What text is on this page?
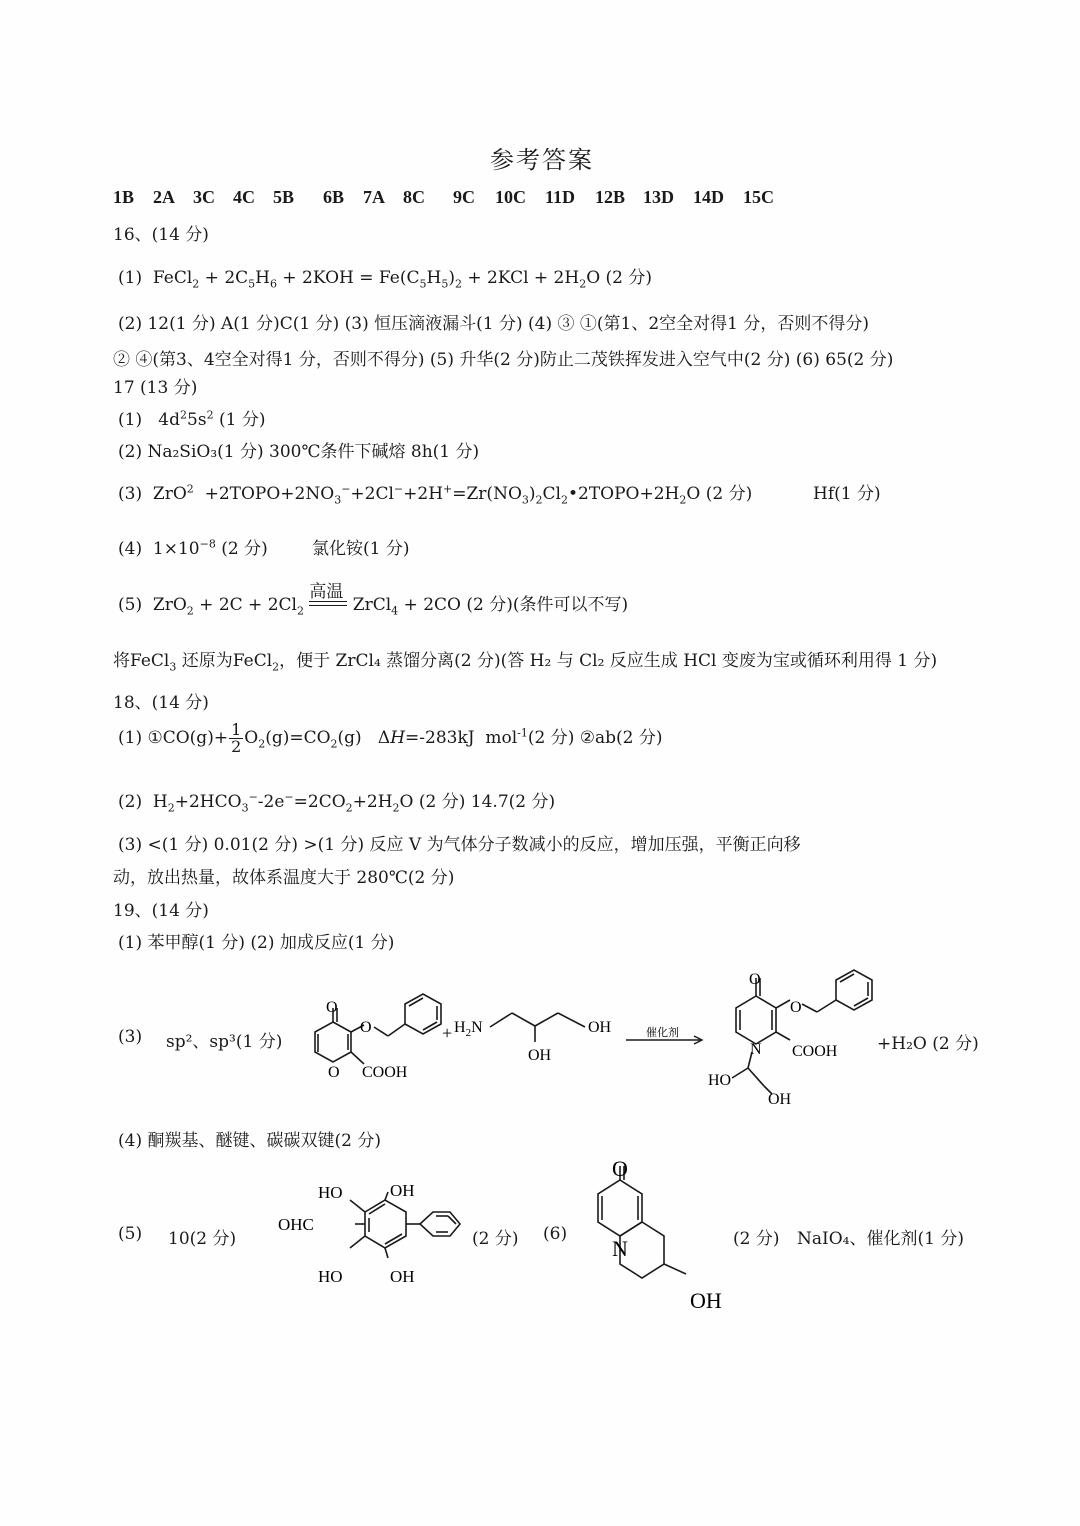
参考答案
1B 2A 3C 4C 5B 6B 7A 8C 9C 10C 11D 12B 13D 14D 15C
16、(14 分)
(1)  FeCl$_2$ + $2C_5H_6 + 2KOH = Fe(C_5H_5)_2 + 2KCl + 2H_2O$ (2 分)
(2) 12(1 分) A(1 分)C(1 分) (3) 恒压滴液漏斗(1 分) (4) ③ ①(第1、2空全对得1 分，否则不得分)
② ④(第3、4空全对得1 分，否则不得分) (5) 升华(2 分)防止二茂铁挥发进入空气中(2 分) (6) 65(2 分)
17 (13 分)
(1)   $4d^25s^2$ (1 分)
(2) Na₂SiO₃(1 分) 300℃条件下碱熔 8h(1 分)
(3)  $ZrO^2 +2TOPO+2NO_3^-+2Cl^-+2H^+=Zr(NO_3)_2Cl_2•2TOPO+2H_2O$ (2 分)	Hf(1 分)
(4)  $1\times 10^{-8}$ (2 分)	氯化铵(1 分)
(5)  $ZrO_2 + 2C + 2Cl_2$
高温
ZrCl$_4$ + 2CO (2 分)(条件可以不写)
将FeCl$_3$ 还原为FeCl$_2$，便于 ZrCl₄ 蒸馏分离(2 分)(答 H₂ 与 Cl₂ 反应生成 HCl 变废为宝或循环利用得 1 分)
18、(14 分)
(1) ①CO(g)+ $\frac{1}{2} O_2(g)=CO_2(g)$   ΔH=-283kJ  mol$^{-1}$(2 分) ②ab(2 分)
(2)  $H_2+2HCO_3^--2e^-=2CO_2+2H_2O$ (2 分) 14.7(2 分)
(3) <(1 分) 0.01(2 分) >(1 分) 反应 V 为气体分子数减小的反应，增加压强，平衡正向移
动，放出热量，故体系温度大于 280℃(2 分)
19、(14 分)
(1) 苯甲醇(1 分) (2) 加成反应(1 分)
(3) sp²、sp³(1 分)
O
O
O COOH
+ $H_2N$	OH
OH
催化剂
O
O
N COOH
HO
OH
+H₂O (2 分)
(4) 酮羰基、醚键、碳碳双键(2 分)
(5) 10(2 分)
HO	OH
OHC
HO	OH
(2 分) (6)
O
N
OH
(2 分) NaIO₄、催化剂(1 分)
